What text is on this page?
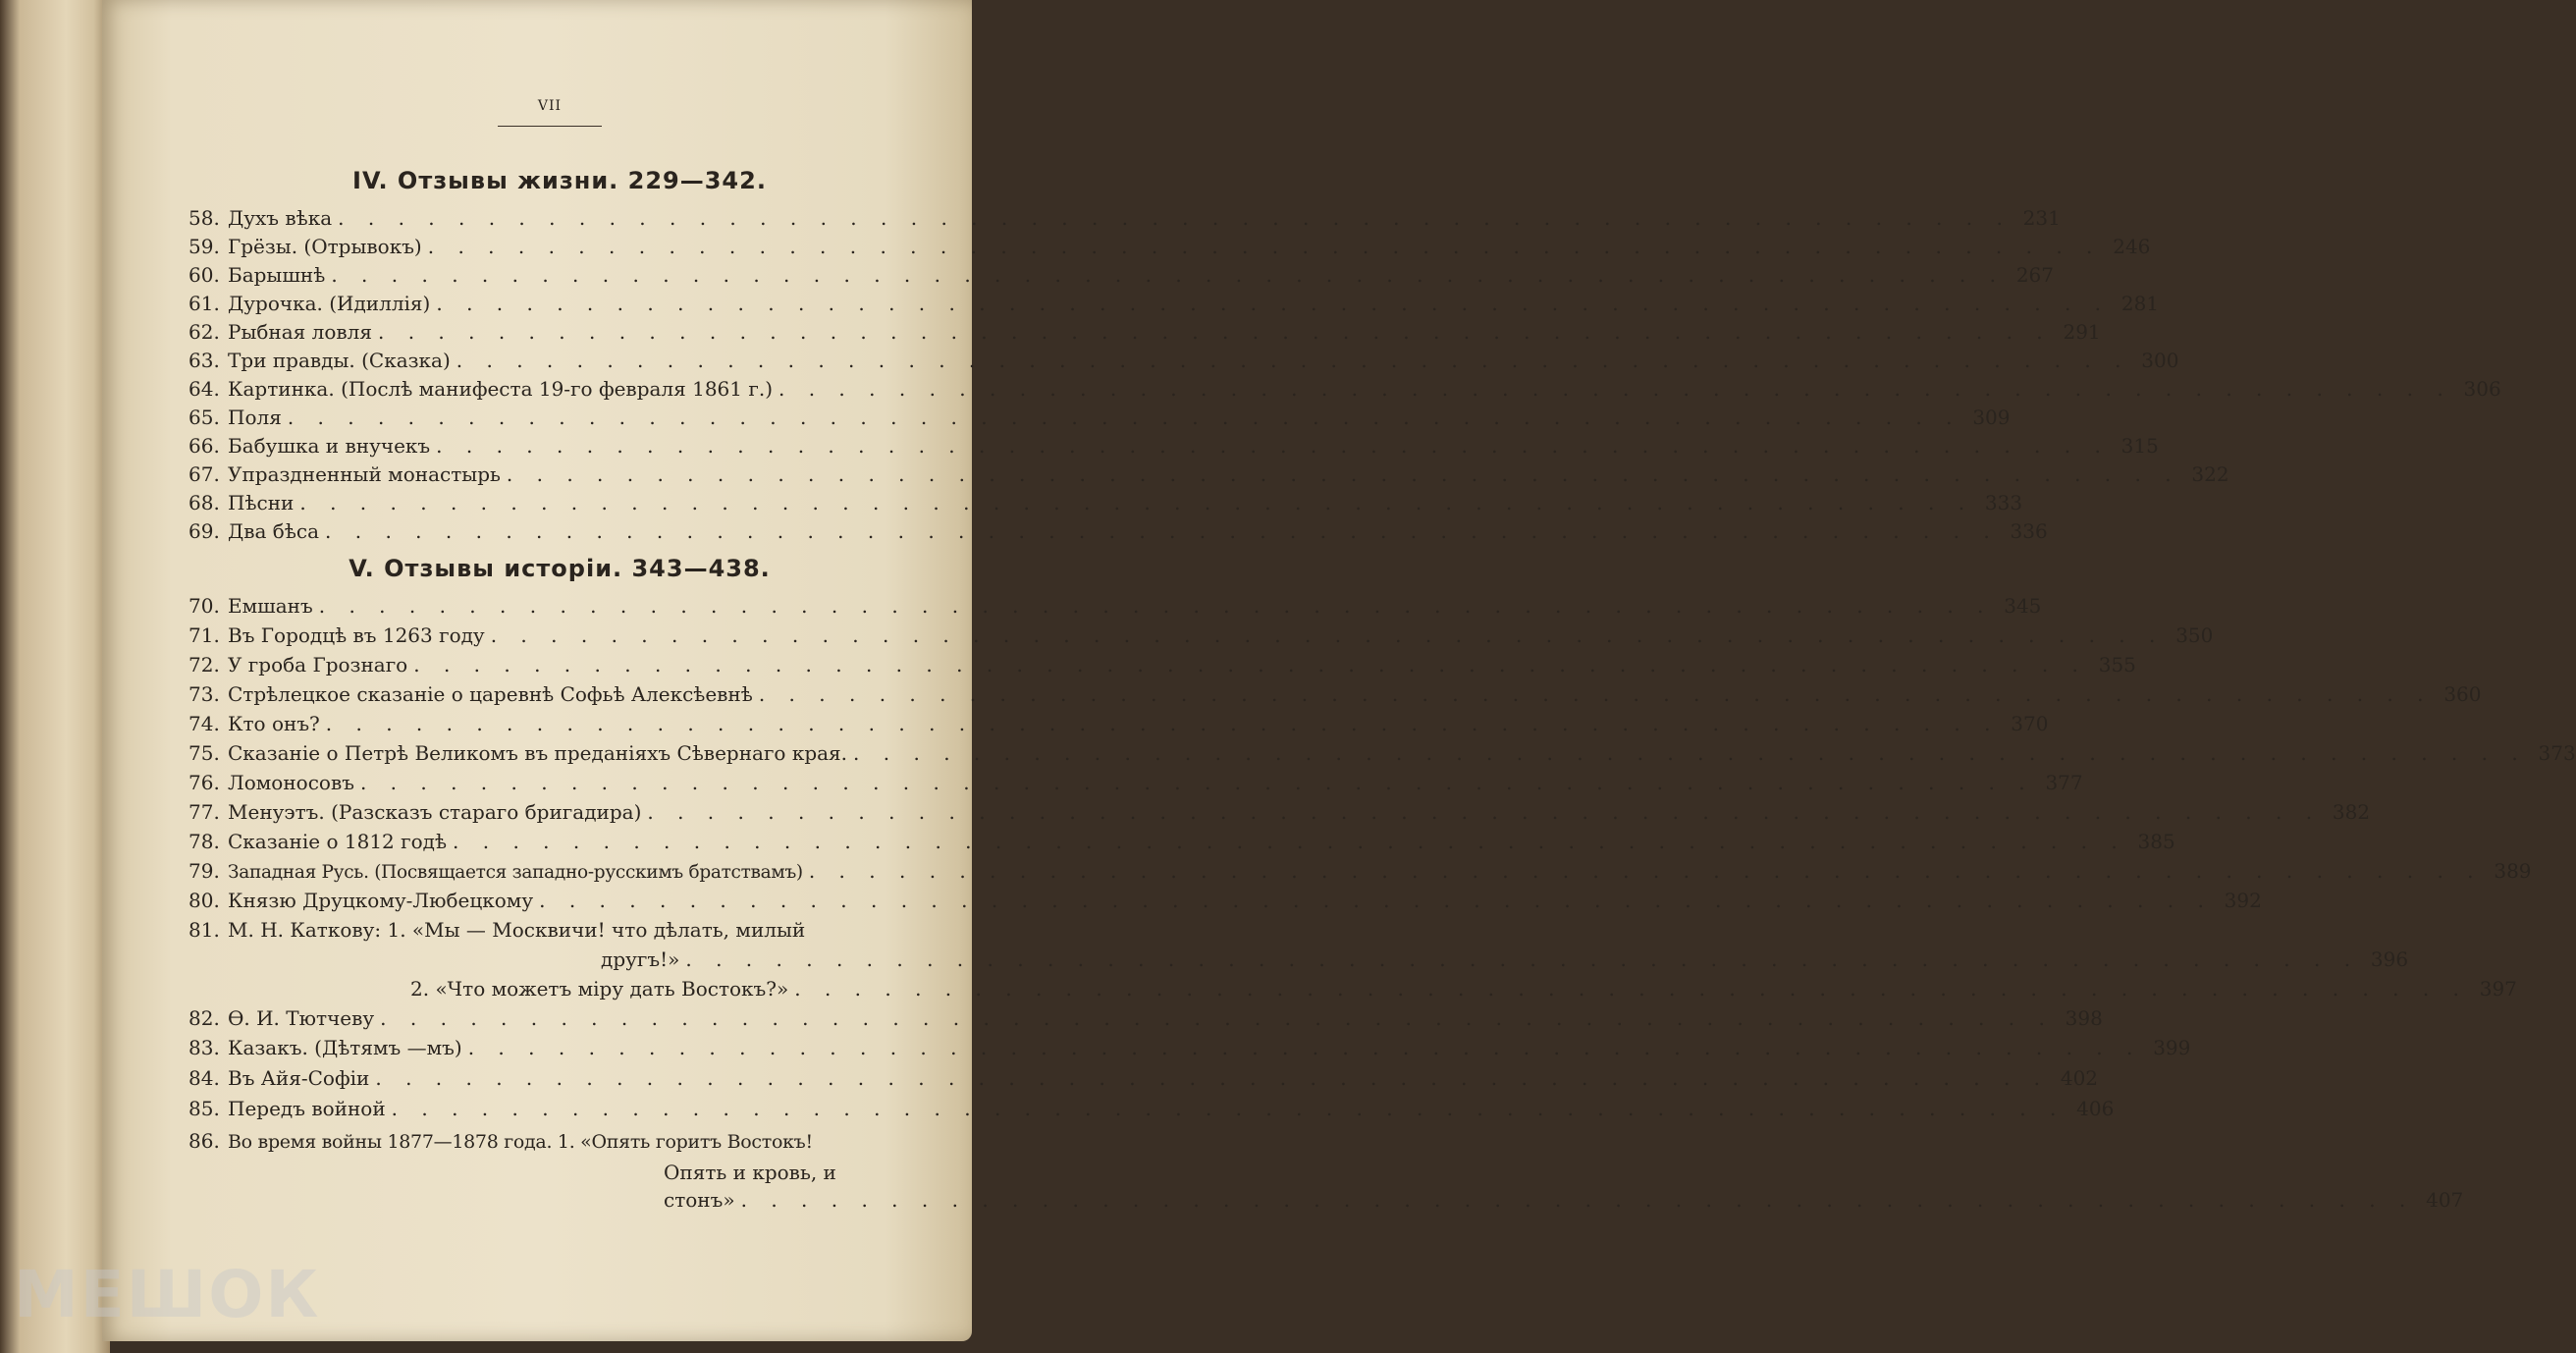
VII
IV. Отзывы жизни. 229—342.
58. Духъ вѣка . . . . . . . . . . . . . . . . . . . . . . . . . . . . . . . . . . . . . . . . . . . . . . . . . . . . . . . . 231
59. Грёзы. (Отрывокъ) . . . . . . . . . . . . . . . . . . . . . . . . . . . . . . . . . . . . . . . . . . . . . . . . . . . . . . . . 246
60. Барышнѣ . . . . . . . . . . . . . . . . . . . . . . . . . . . . . . . . . . . . . . . . . . . . . . . . . . . . . . . . 267
61. Дурочка. (Идиллія) . . . . . . . . . . . . . . . . . . . . . . . . . . . . . . . . . . . . . . . . . . . . . . . . . . . . . . . . 281
62. Рыбная ловля . . . . . . . . . . . . . . . . . . . . . . . . . . . . . . . . . . . . . . . . . . . . . . . . . . . . . . . . 291
63. Три правды. (Сказка) . . . . . . . . . . . . . . . . . . . . . . . . . . . . . . . . . . . . . . . . . . . . . . . . . . . . . . . . 300
64. Картинка. (Послѣ манифеста 19-го февраля 1861 г.) . . . . . . . . . . . . . . . . . . . . . . . . . . . . . . . . . . . . . . . . . . . . . . . . . . . . . . . . 306
65. Поля . . . . . . . . . . . . . . . . . . . . . . . . . . . . . . . . . . . . . . . . . . . . . . . . . . . . . . . . 309
66. Бабушка и внучекъ . . . . . . . . . . . . . . . . . . . . . . . . . . . . . . . . . . . . . . . . . . . . . . . . . . . . . . . . 315
67. Упраздненный монастырь . . . . . . . . . . . . . . . . . . . . . . . . . . . . . . . . . . . . . . . . . . . . . . . . . . . . . . . . 322
68. Пѣсни . . . . . . . . . . . . . . . . . . . . . . . . . . . . . . . . . . . . . . . . . . . . . . . . . . . . . . . . 333
69. Два бѣса . . . . . . . . . . . . . . . . . . . . . . . . . . . . . . . . . . . . . . . . . . . . . . . . . . . . . . . . 336
V. Отзывы исторіи. 343—438.
70. Емшанъ . . . . . . . . . . . . . . . . . . . . . . . . . . . . . . . . . . . . . . . . . . . . . . . . . . . . . . . . 345
71. Въ Городцѣ въ 1263 году . . . . . . . . . . . . . . . . . . . . . . . . . . . . . . . . . . . . . . . . . . . . . . . . . . . . . . . . 350
72. У гроба Грознаго . . . . . . . . . . . . . . . . . . . . . . . . . . . . . . . . . . . . . . . . . . . . . . . . . . . . . . . . 355
73. Стрѣлецкое сказаніе о царевнѣ Софьѣ Алексѣевнѣ . . . . . . . . . . . . . . . . . . . . . . . . . . . . . . . . . . . . . . . . . . . . . . . . . . . . . . . . 360
74. Кто онъ? . . . . . . . . . . . . . . . . . . . . . . . . . . . . . . . . . . . . . . . . . . . . . . . . . . . . . . . . 370
75. Сказаніе о Петрѣ Великомъ въ преданіяхъ Сѣвернаго края. . . . . . . . . . . . . . . . . . . . . . . . . . . . . . . . . . . . . . . . . . . . . . . . . . . . . . . . . 373
76. Ломоносовъ . . . . . . . . . . . . . . . . . . . . . . . . . . . . . . . . . . . . . . . . . . . . . . . . . . . . . . . . 377
77. Менуэтъ. (Разсказъ стараго бригадира) . . . . . . . . . . . . . . . . . . . . . . . . . . . . . . . . . . . . . . . . . . . . . . . . . . . . . . . . 382
78. Сказаніе о 1812 годѣ . . . . . . . . . . . . . . . . . . . . . . . . . . . . . . . . . . . . . . . . . . . . . . . . . . . . . . . . 385
79. Западная Русь. (Посвящается западно-русскимъ братствамъ) . . . . . . . . . . . . . . . . . . . . . . . . . . . . . . . . . . . . . . . . . . . . . . . . . . . . . . . . 389
80. Князю Друцкому-Любецкому . . . . . . . . . . . . . . . . . . . . . . . . . . . . . . . . . . . . . . . . . . . . . . . . . . . . . . . . 392
81. М. Н. Каткову: 1. «Мы — Москвичи! что дѣлать, милый
другъ!» . . . . . . . . . . . . . . . . . . . . . . . . . . . . . . . . . . . . . . . . . . . . . . . . . . . . . . . . 396
2. «Что можетъ міру дать Востокъ?» . . . . . . . . . . . . . . . . . . . . . . . . . . . . . . . . . . . . . . . . . . . . . . . . . . . . . . . . 397
82. Ѳ. И. Тютчеву . . . . . . . . . . . . . . . . . . . . . . . . . . . . . . . . . . . . . . . . . . . . . . . . . . . . . . . . 398
83. Казакъ. (Дѣтямъ —мъ) . . . . . . . . . . . . . . . . . . . . . . . . . . . . . . . . . . . . . . . . . . . . . . . . . . . . . . . . 399
84. Въ Айя-Софіи . . . . . . . . . . . . . . . . . . . . . . . . . . . . . . . . . . . . . . . . . . . . . . . . . . . . . . . . 402
85. Передъ войной . . . . . . . . . . . . . . . . . . . . . . . . . . . . . . . . . . . . . . . . . . . . . . . . . . . . . . . . 406
86. Во время войны 1877—1878 года. 1. «Опять горитъ Востокъ!
Опять и кровь, и
стонъ» . . . . . . . . . . . . . . . . . . . . . . . . . . . . . . . . . . . . . . . . . . . . . . . . . . . . . . . . 407
МЕШОК
